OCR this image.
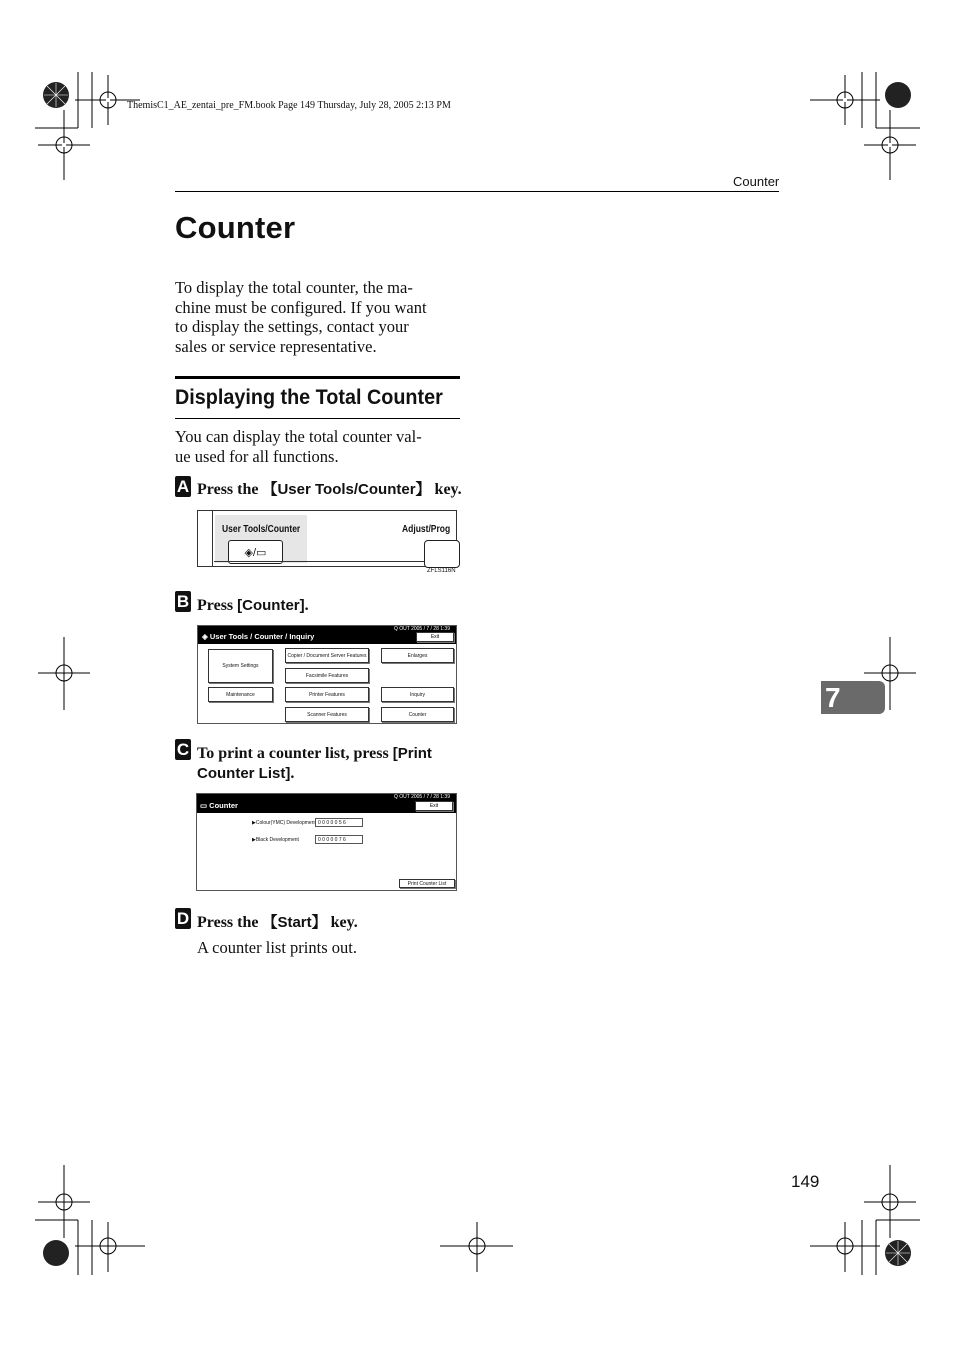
ThemisC1_AE_zentai_pre_FM.book Page 149 Thursday, July 28, 2005 2:13 PM
Counter
Counter
To display the total counter, the ma-
chine must be configured. If you want
to display the settings, contact your
sales or service representative.
Displaying the Total Counter
You can display the total counter val-
ue used for all functions.
A Press the 【User Tools/Counter】 key.
User Tools/Counter
◈/▭
Adjust/Prog
ZFLS116N
B Press [Counter].
Q OUT 2005 / 7 / 28 1:39
◈ User Tools / Counter / Inquiry	Exit
System Settings
Maintenance
Copier / Document Server Features
Facsimile Features
Printer Features
Scanner Features
Enlarges
Inquiry
Counter
C To print a counter list, press [Print
Counter List].
Q OUT 2005 / 7 / 28 1:39
▭ Counter	Exit
▶Colour(YMC) Development 0 0 0 0 0 5 6
▶Black Development	0 0 0 0 0 7 6
Print Counter List
D Press the 【Start】 key.
A counter list prints out.
7
149
